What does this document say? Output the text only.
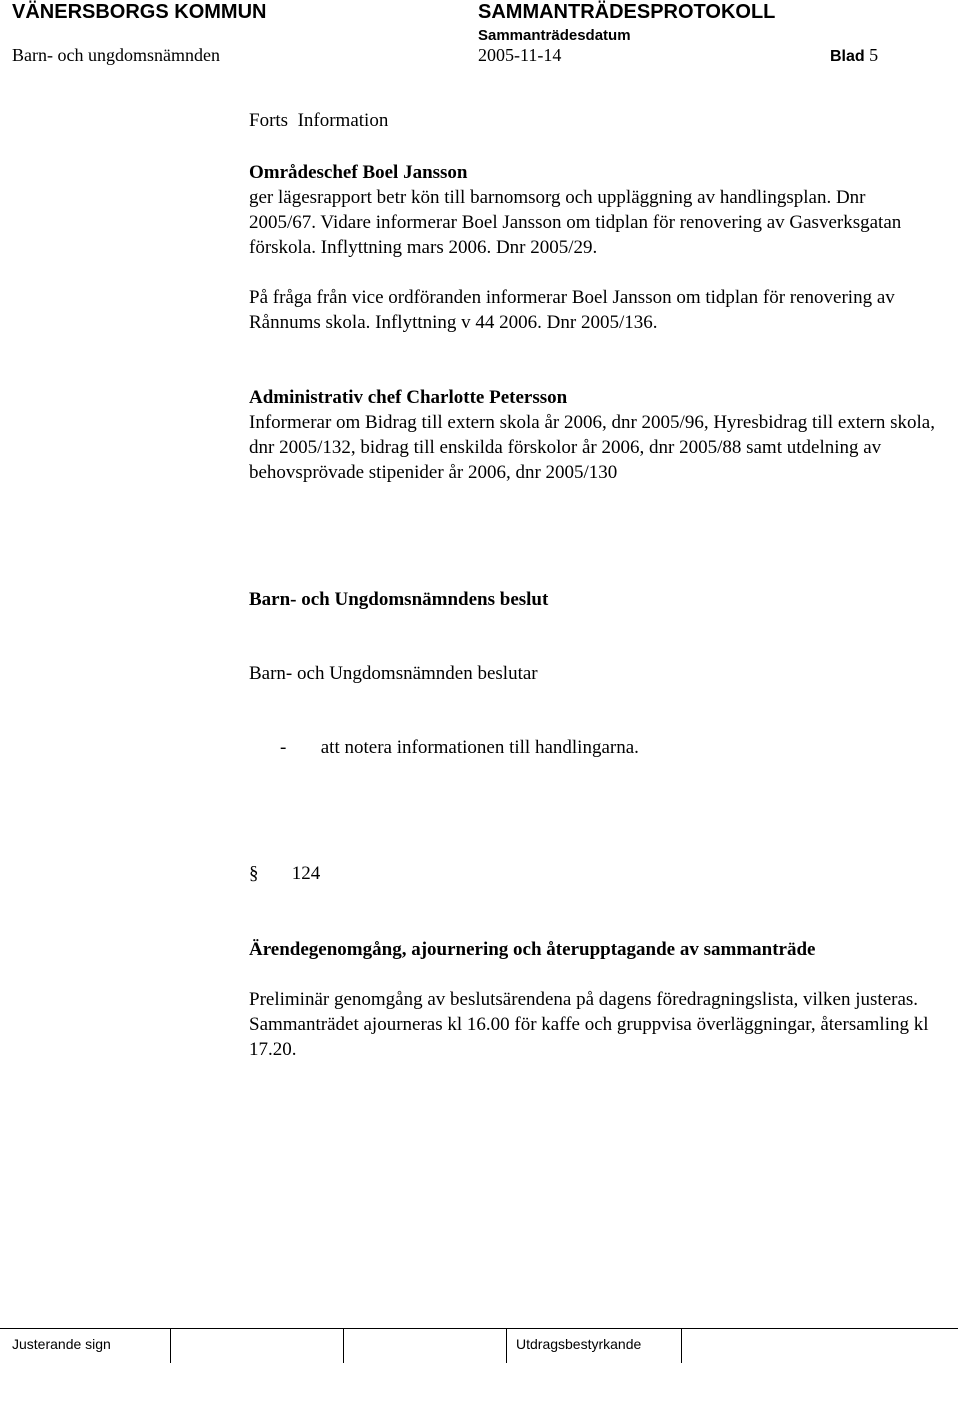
VÄNERSBORGS KOMMUN	SAMMANTRÄDESPROTOKOLL
Sammanträdesdatum
Barn- och ungdomsnämnden	2005-11-14	Blad 5
Forts  Information
Områdeschef Boel Jansson
ger lägesrapport betr kön till barnomsorg och uppläggning av handlingsplan. Dnr 2005/67. Vidare informerar Boel Jansson om tidplan för renovering av Gasverksgatan förskola. Inflyttning mars 2006. Dnr 2005/29.
På fråga från vice ordföranden informerar Boel Jansson om tidplan för renovering av Rånnums skola. Inflyttning v 44 2006. Dnr 2005/136.
Administrativ chef Charlotte Petersson
Informerar om Bidrag till extern skola år 2006, dnr 2005/96, Hyresbidrag till extern skola, dnr 2005/132, bidrag till enskilda förskolor år 2006, dnr 2005/88 samt utdelning av behovsprövade stipenider år 2006, dnr 2005/130
Barn- och Ungdomsnämndens beslut
Barn- och Ungdomsnämnden beslutar
- att notera informationen till handlingarna.
§ 124
Ärendegenomgång, ajournering och återupptagande av sammanträde
Preliminär genomgång av beslutsärendena på dagens föredragningslista, vilken justeras. Sammanträdet ajourneras kl 16.00 för kaffe och gruppvisa överläggningar, återsamling kl 17.20.
Justerande sign	Utdragsbestyrkande
